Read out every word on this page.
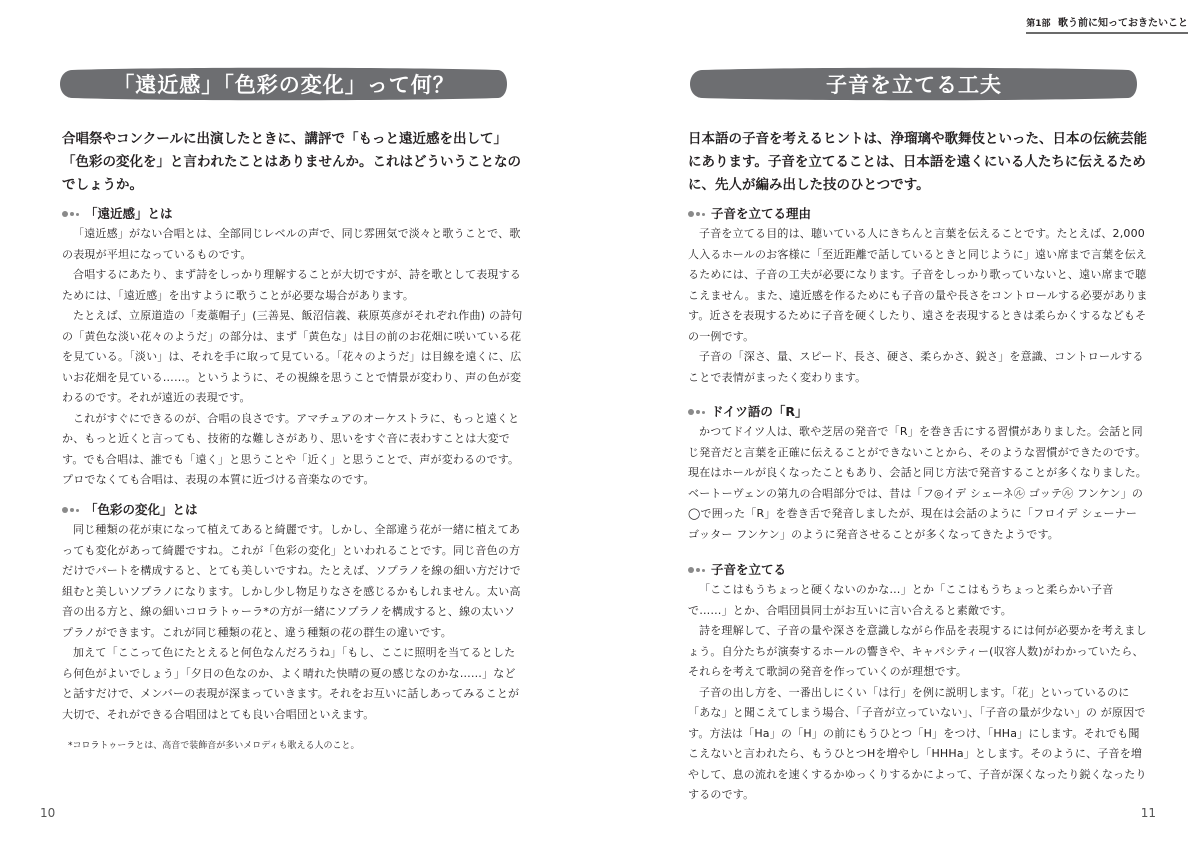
「遠近感」「色彩の変化」って何？
合唱祭やコンクールに出演したときに、講評で「もっと遠近感を出して」「色彩の変化を」と言われたことはありませんか。これはどういうことなのでしょうか。
「遠近感」とは

「遠近感」がない合唱とは、全部同じレベルの声で、同じ雰囲気で淡々と歌うことで、歌の表現が平坦になっているものです。

合唱するにあたり、まず詩をしっかり理解することが大切ですが、詩を歌として表現するためには、「遠近感」を出すように歌うことが必要な場合があります。

たとえば、立原道造の「麦藁帽子」(三善晃、飯沼信義、萩原英彦がそれぞれ作曲) の詩句の「黄色な淡い花々のようだ」の部分は、まず「黄色な」は目の前のお花畑に咲いている花を見ている。「淡い」は、それを手に取って見ている。「花々のようだ」は目線を遠くに、広いお花畑を見ている……。というように、その視線を思うことで情景が変わり、声の色が変わるのです。それが遠近の表現です。

これがすぐにできるのが、合唱の良さです。アマチュアのオーケストラに、もっと遠くとか、もっと近くと言っても、技術的な難しさがあり、思いをすぐ音に表わすことは大変です。でも合唱は、誰でも「遠く」と思うことや「近く」と思うことで、声が変わるのです。プロでなくても合唱は、表現の本質に近づける音楽なのです。

「色彩の変化」とは

同じ種類の花が束になって植えてあると綺麗です。しかし、全部違う花が一緒に植えてあっても変化があって綺麗ですね。これが「色彩の変化」といわれることです。同じ音色の方だけでパートを構成すると、とても美しいですね。たとえば、ソプラノを線の細い方だけで組むと美しいソプラノになります。しかし少し物足りなさを感じるかもしれません。太い高音の出る方と、線の細いコロラトゥーラ*の方が一緒にソプラノを構成すると、線の太いソプラノができます。これが同じ種類の花と、違う種類の花の群生の違いです。

加えて「ここって色にたとえると何色なんだろうね」「もし、ここに照明を当てるとしたら何色がよいでしょう」「夕日の色なのか、よく晴れた快晴の夏の感じなのかな……」などと話すだけで、メンバーの表現が深まっていきます。それをお互いに話しあってみることが大切で、それができる合唱団はとても良い合唱団といえます。

*コロラトゥーラとは、高音で装飾音が多いメロディも歌える人のこと。
10
第1部 歌う前に知っておきたいこと
子音を立てる工夫
日本語の子音を考えるヒントは、浄瑠璃や歌舞伎といった、日本の伝統芸能にあります。子音を立てることは、日本語を遠くにいる人たちに伝えるために、先人が編み出した技のひとつです。
子音を立てる理由

子音を立てる目的は、聴いている人にきちんと言葉を伝えることです。たとえば、2,000人入るホールのお客様に「至近距離で話しているときと同じように」遠い席まで言葉を伝えるためには、子音の工夫が必要になります。子音をしっかり歌っていないと、遠い席まで聴こえません。また、遠近感を作るためにも子音の量や長さをコントロールする必要があります。近さを表現するために子音を硬くしたり、遠さを表現するときは柔らかくするなどもその一例です。

子音の「深さ、量、スピード、長さ、硬さ、柔らかさ、鋭さ」を意識、コントロールすることで表情がまったく変わります。

ドイツ語の「R」

かつてドイツ人は、歌や芝居の発音で「R」を巻き舌にする習慣がありました。会話と同じ発音だと言葉を正確に伝えることができないことから、そのような習慣ができたのです。現在はホールが良くなったこともあり、会話と同じ方法で発音することが多くなりました。ベートーヴェンの第九の合唱部分では、昔は「フ◎イデ シェーネ㋸ ゴッテ㋸ フンケン」の◯で囲った「R」を巻き舌で発音しましたが、現在は会話のように「フロイデ シェーナー ゴッター フンケン」のように発音させることが多くなってきたようです。

子音を立てる

「ここはもうちょっと硬くないのかな…」とか「ここはもうちょっと柔らかい子音で……」とか、合唱団員同士がお互いに言い合えると素敵です。

詩を理解して、子音の量や深さを意識しながら作品を表現するには何が必要かを考えましょう。自分たちが演奏するホールの響きや、キャパシティー(収容人数)がわかっていたら、それらを考えて歌詞の発音を作っていくのが理想です。

子音の出し方を、一番出しにくい「は行」を例に説明します。「花」といっているのに「あな」と聞こえてしまう場合、「子音が立っていない」、「子音の量が少ない」の が原因です。方法は「Ha」の「H」の前にもうひとつ「H」をつけ、「HHa」にします。それでも聞こえないと言われたら、もうひとつHを増やし「HHHa」とします。そのように、子音を増やして、息の流れを速くするかゆっくりするかによって、子音が深くなったり鋭くなったりするのです。

11
